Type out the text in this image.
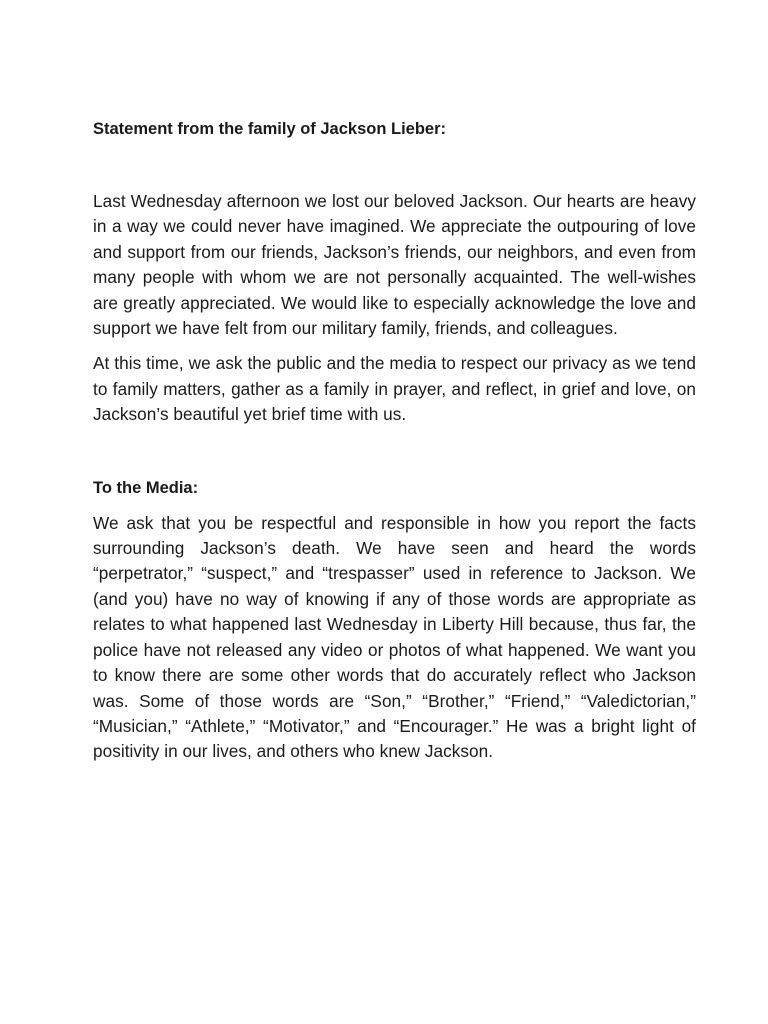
Statement from the family of Jackson Lieber:

Last Wednesday afternoon we lost our beloved Jackson. Our hearts are heavy in a way we could never have imagined. We appreciate the outpouring of love and support from our friends, Jackson’s friends, our neighbors, and even from many people with whom we are not personally acquainted. The well-wishes are greatly appreciated. We would like to especially acknowledge the love and support we have felt from our military family, friends, and colleagues.

At this time, we ask the public and the media to respect our privacy as we tend to family matters, gather as a family in prayer, and reflect, in grief and love, on Jackson’s beautiful yet brief time with us.

To the Media:

We ask that you be respectful and responsible in how you report the facts surrounding Jackson’s death. We have seen and heard the words “perpetrator,” “suspect,” and “trespasser” used in reference to Jackson. We (and you) have no way of knowing if any of those words are appropriate as relates to what happened last Wednesday in Liberty Hill because, thus far, the police have not released any video or photos of what happened. We want you to know there are some other words that do accurately reflect who Jackson was. Some of those words are “Son,” “Brother,” “Friend,” “Valedictorian,” “Musician,” “Athlete,” “Motivator,” and “Encourager.” He was a bright light of positivity in our lives, and others who knew Jackson.
